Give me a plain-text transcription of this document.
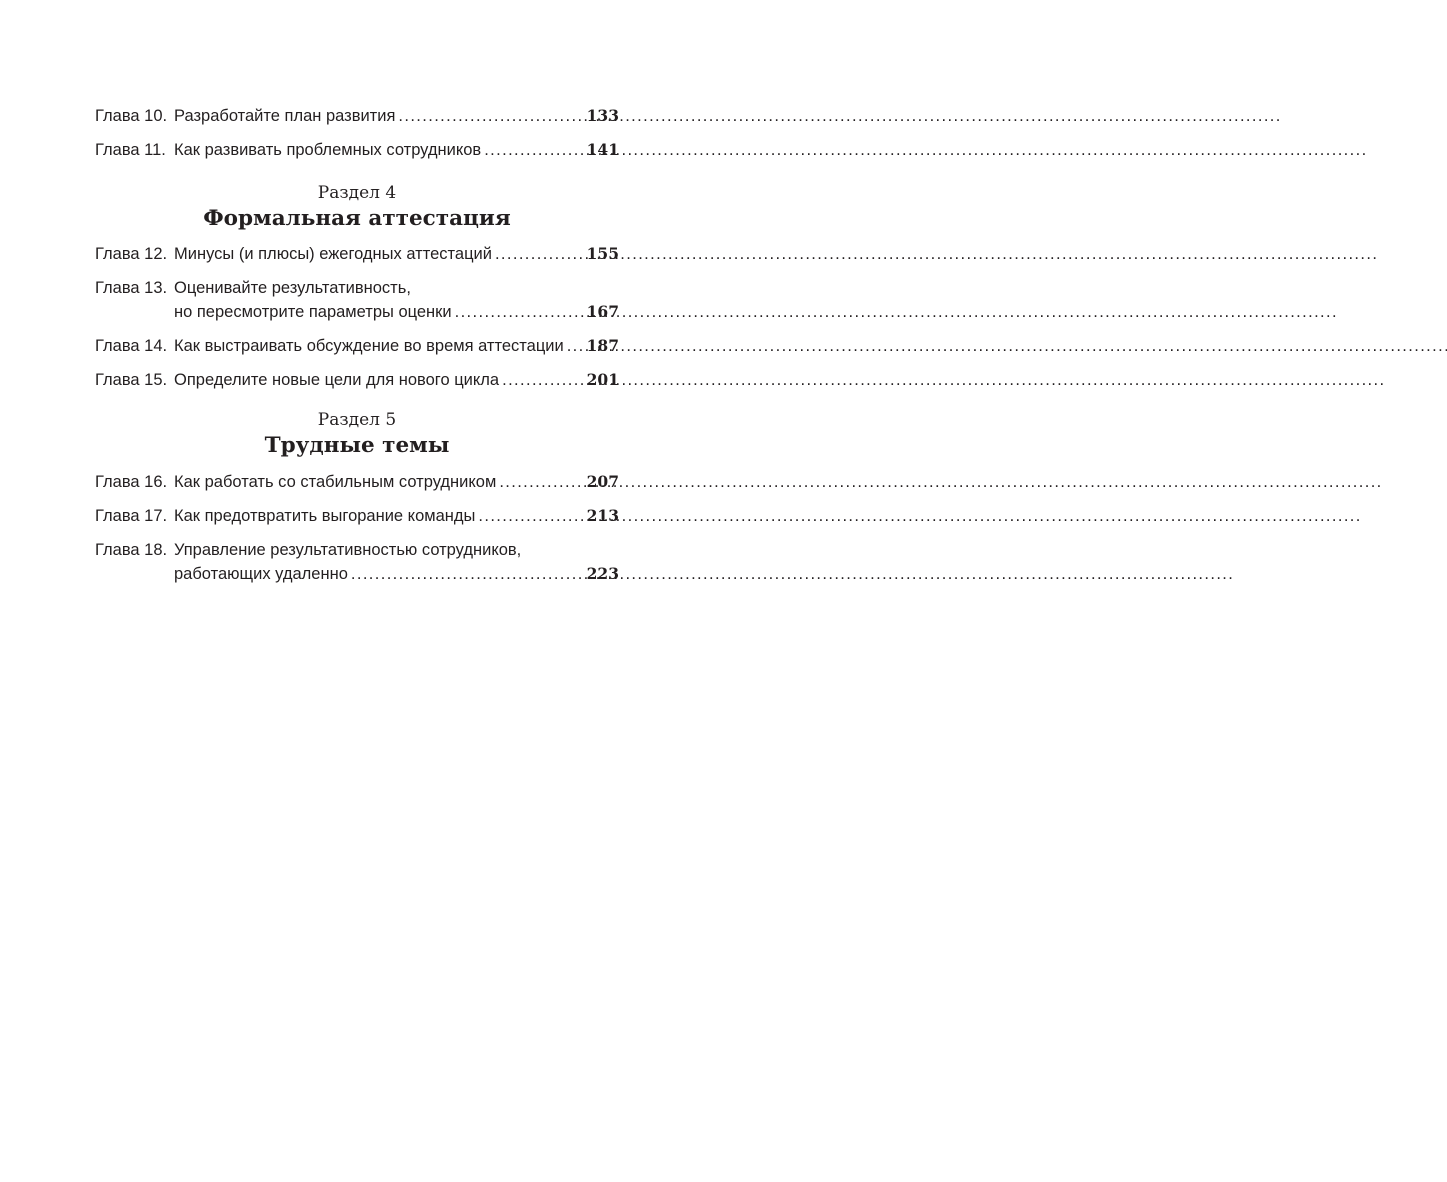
Глава 10. Разработайте план развития . . .	133
Глава 11. Как развивать проблемных сотрудников . . .	141
Раздел 4
Формальная аттестация
Глава 12. Минусы (и плюсы) ежегодных аттестаций . . .	155
Глава 13. Оценивайте результативность,
но пересмотрите параметры оценки . . .	167
Глава 14. Как выстраивать обсуждение во время аттестации . . . 187
Глава 15. Определите новые цели для нового цикла . . .	201
Раздел 5
Трудные темы
Глава 16. Как работать со стабильным сотрудником . . .	207
Глава 17. Как предотвратить выгорание команды . . .	213
Глава 18. Управление результативностью сотрудников,
работающих удаленно . . .	223
